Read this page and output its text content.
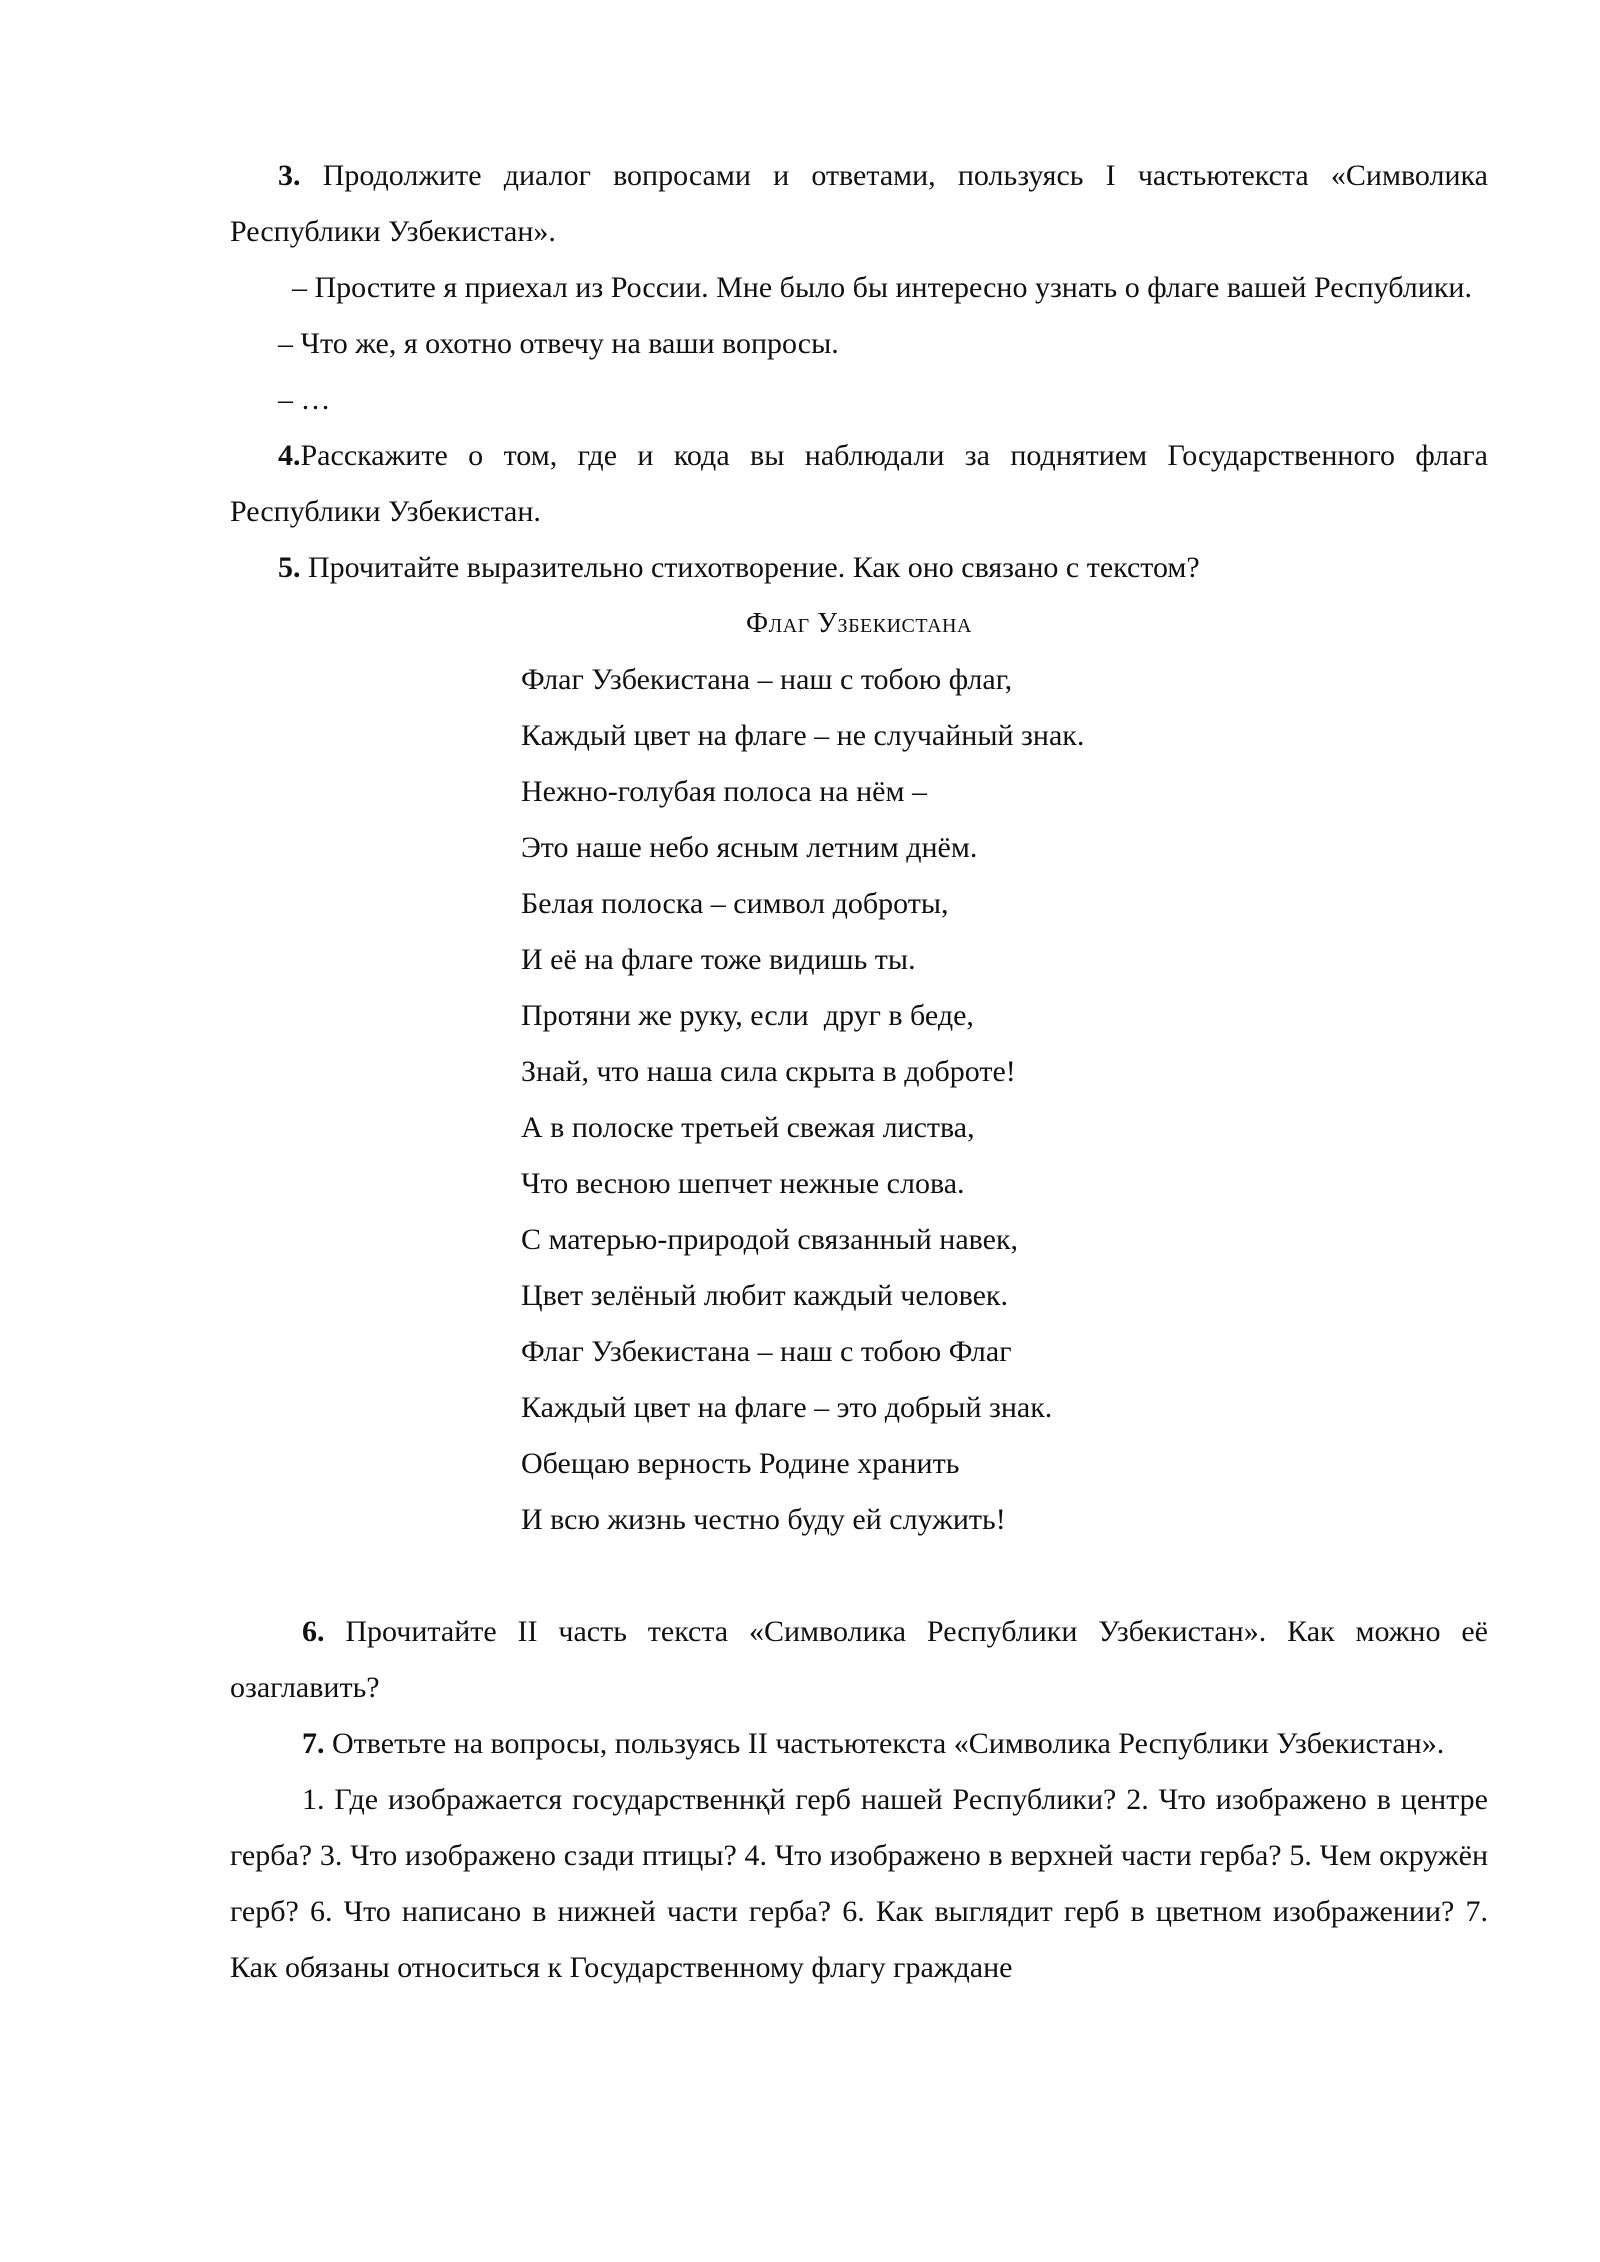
3. Продолжите диалог вопросами и ответами, пользуясь I частьютекста «Символика Республики Узбекистан».

– Простите я приехал из России. Мне было бы интересно узнать о флаге вашей Республики.

– Что же, я охотно отвечу на ваши вопросы.

– …

4.Расскажите о том, где и кода вы наблюдали за поднятием Государственного флага Республики Узбекистан.

5. Прочитайте выразительно стихотворение. Как оно связано с текстом?

Флаг Узбекистана

Флаг Узбекистана – наш с тобою флаг,
Каждый цвет на флаге – не случайный знак.
Нежно-голубая полоса на нём –
Это наше небо ясным летним днём.
Белая полоска – символ доброты,
И её на флаге тоже видишь ты.
Протяни же руку, если  друг в беде,
Знай, что наша сила скрыта в доброте!
А в полоске третьей свежая листва,
Что весною шепчет нежные слова.
С матерью-природой связанный навек,
Цвет зелёный любит каждый человек.
Флаг Узбекистана – наш с тобою Флаг
Каждый цвет на флаге – это добрый знак.
Обещаю верность Родине хранить
И всю жизнь честно буду ей служить!

6. Прочитайте II часть текста «Символика Республики Узбекистан». Как можно её озаглавить?

7. Ответьте на вопросы, пользуясь II частьютекста «Символика Республики Узбекистан».

1. Где изображается государственнқй герб нашей Республики? 2. Что изображено в центре герба? 3. Что изображено сзади птицы? 4. Что изображено в верхней части герба? 5. Чем окружён герб? 6. Что написано в нижней части герба? 6. Как выглядит герб в цветном изображении? 7. Как обязаны относиться к Государственному флагу граждане
